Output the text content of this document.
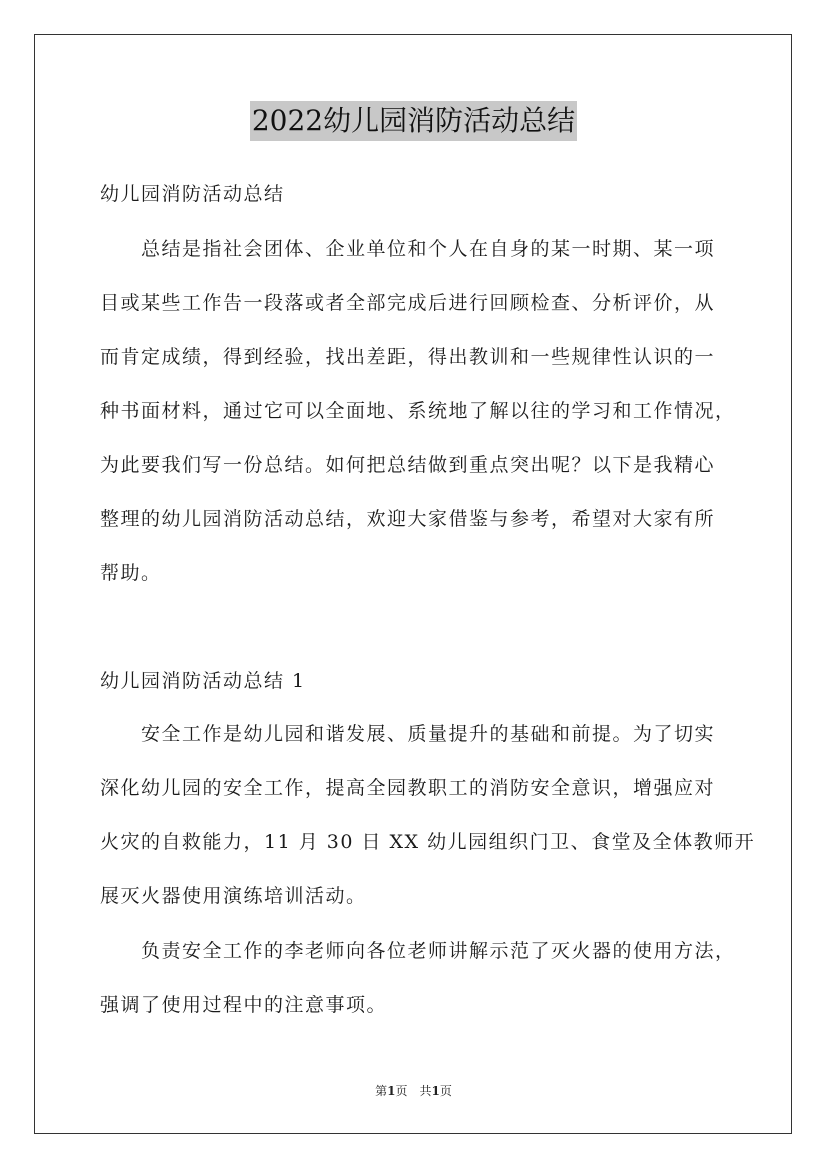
2022幼儿园消防活动总结
幼儿园消防活动总结
　　总结是指社会团体、企业单位和个人在自身的某一时期、某一项
目或某些工作告一段落或者全部完成后进行回顾检查、分析评价，从
而肯定成绩，得到经验，找出差距，得出教训和一些规律性认识的一
种书面材料，通过它可以全面地、系统地了解以往的学习和工作情况，
为此要我们写一份总结。如何把总结做到重点突出呢？以下是我精心
整理的幼儿园消防活动总结，欢迎大家借鉴与参考，希望对大家有所
帮助。
幼儿园消防活动总结 1
　　安全工作是幼儿园和谐发展、质量提升的基础和前提。为了切实
深化幼儿园的安全工作，提高全园教职工的消防安全意识，增强应对
火灾的自救能力，11 月 30 日 XX 幼儿园组织门卫、食堂及全体教师开
展灭火器使用演练培训活动。
　　负责安全工作的李老师向各位老师讲解示范了灭火器的使用方法，
强调了使用过程中的注意事项。
第1页　共1页
